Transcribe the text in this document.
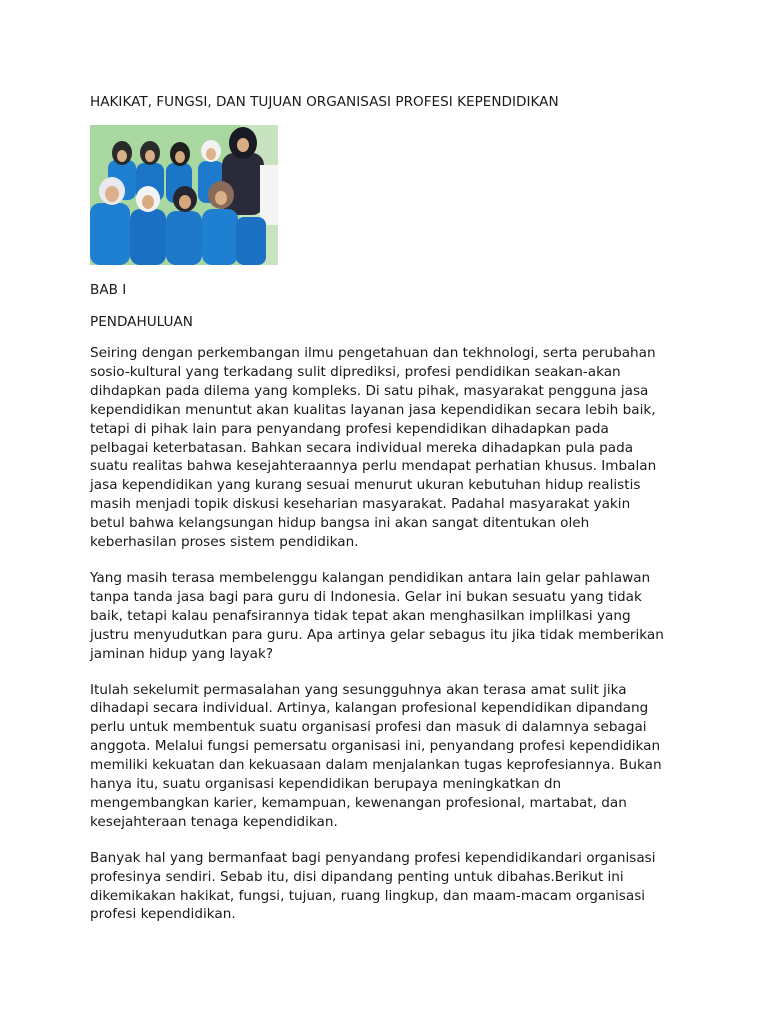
HAKIKAT, FUNGSI, DAN TUJUAN ORGANISASI PROFESI KEPENDIDIKAN

BAB I

PENDAHULUAN

Seiring dengan perkembangan ilmu pengetahuan dan tekhnologi, serta perubahan
sosio-kultural yang terkadang sulit diprediksi, profesi pendidikan seakan-akan
dihdapkan pada dilema yang kompleks. Di satu pihak, masyarakat pengguna jasa
kependidikan menuntut akan kualitas layanan jasa kependidikan secara lebih baik,
tetapi di pihak lain para penyandang profesi kependidikan dihadapkan pada
pelbagai keterbatasan. Bahkan secara individual mereka dihadapkan pula pada
suatu realitas bahwa kesejahteraannya perlu mendapat perhatian khusus. Imbalan
jasa kependidikan yang kurang sesuai menurut ukuran kebutuhan hidup realistis
masih menjadi topik diskusi keseharian masyarakat. Padahal masyarakat yakin
betul bahwa kelangsungan hidup bangsa ini akan sangat ditentukan oleh
keberhasilan proses sistem pendidikan.

Yang masih terasa membelenggu kalangan pendidikan antara lain gelar pahlawan
tanpa tanda jasa bagi para guru di Indonesia. Gelar ini bukan sesuatu yang tidak
baik, tetapi kalau penafsirannya tidak tepat akan menghasilkan implilkasi yang
justru menyudutkan para guru. Apa artinya gelar sebagus itu jika tidak memberikan
jaminan hidup yang layak?

Itulah sekelumit permasalahan yang sesungguhnya akan terasa amat sulit jika
dihadapi secara individual. Artinya, kalangan profesional kependidikan dipandang
perlu untuk membentuk suatu organisasi profesi dan masuk di dalamnya sebagai
anggota. Melalui fungsi pemersatu organisasi ini, penyandang profesi kependidikan
memiliki kekuatan dan kekuasaan dalam menjalankan tugas keprofesiannya. Bukan
hanya itu, suatu organisasi kependidikan berupaya meningkatkan dn
mengembangkan karier, kemampuan, kewenangan profesional, martabat, dan
kesejahteraan tenaga kependidikan.

Banyak hal yang bermanfaat bagi penyandang profesi kependidikandari organisasi
profesinya sendiri. Sebab itu, disi dipandang penting untuk dibahas.Berikut ini
dikemikakan hakikat, fungsi, tujuan, ruang lingkup, dan maam-macam organisasi
profesi kependidikan.
